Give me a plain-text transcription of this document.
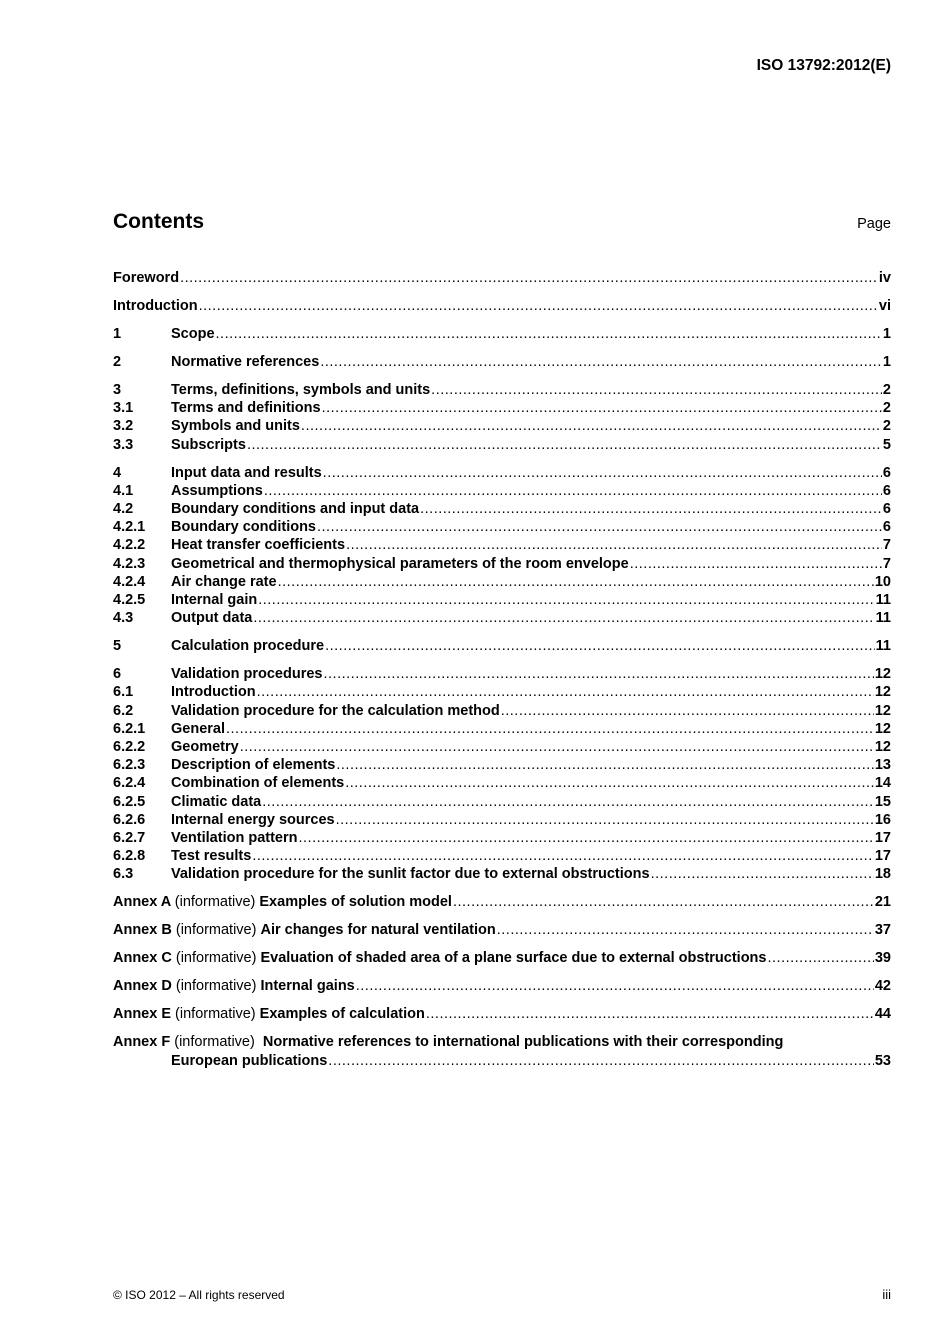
ISO 13792:2012(E)
Contents	Page
Foreword .....	iv
Introduction .....	vi
1	Scope .....	1
2	Normative references .....	1
3	Terms, definitions, symbols and units .....	2
3.1	Terms and definitions .....	2
3.2	Symbols and units .....	2
3.3	Subscripts .....	5
4	Input data and results .....	6
4.1	Assumptions .....	6
4.2	Boundary conditions and input data .....	6
4.2.1	Boundary conditions .....	6
4.2.2	Heat transfer coefficients .....	7
4.2.3	Geometrical and thermophysical parameters of the room envelope .....	7
4.2.4	Air change rate .....	10
4.2.5	Internal gain .....	11
4.3	Output data .....	11
5	Calculation procedure .....	11
6	Validation procedures .....	12
6.1	Introduction .....	12
6.2	Validation procedure for the calculation method .....	12
6.2.1	General .....	12
6.2.2	Geometry .....	12
6.2.3	Description of elements .....	13
6.2.4	Combination of elements .....	14
6.2.5	Climatic data .....	15
6.2.6	Internal energy sources .....	16
6.2.7	Ventilation pattern .....	17
6.2.8	Test results .....	17
6.3	Validation procedure for the sunlit factor due to external obstructions .....	18
Annex A (informative) Examples of solution model .....	21
Annex B (informative) Air changes for natural ventilation .....	37
Annex C (informative) Evaluation of shaded area of a plane surface due to external obstructions .....	39
Annex D (informative) Internal gains .....	42
Annex E (informative) Examples of calculation .....	44
Annex F (informative) Normative references to international publications with their corresponding
European publications .....	53
© ISO 2012 – All rights reserved	iii
